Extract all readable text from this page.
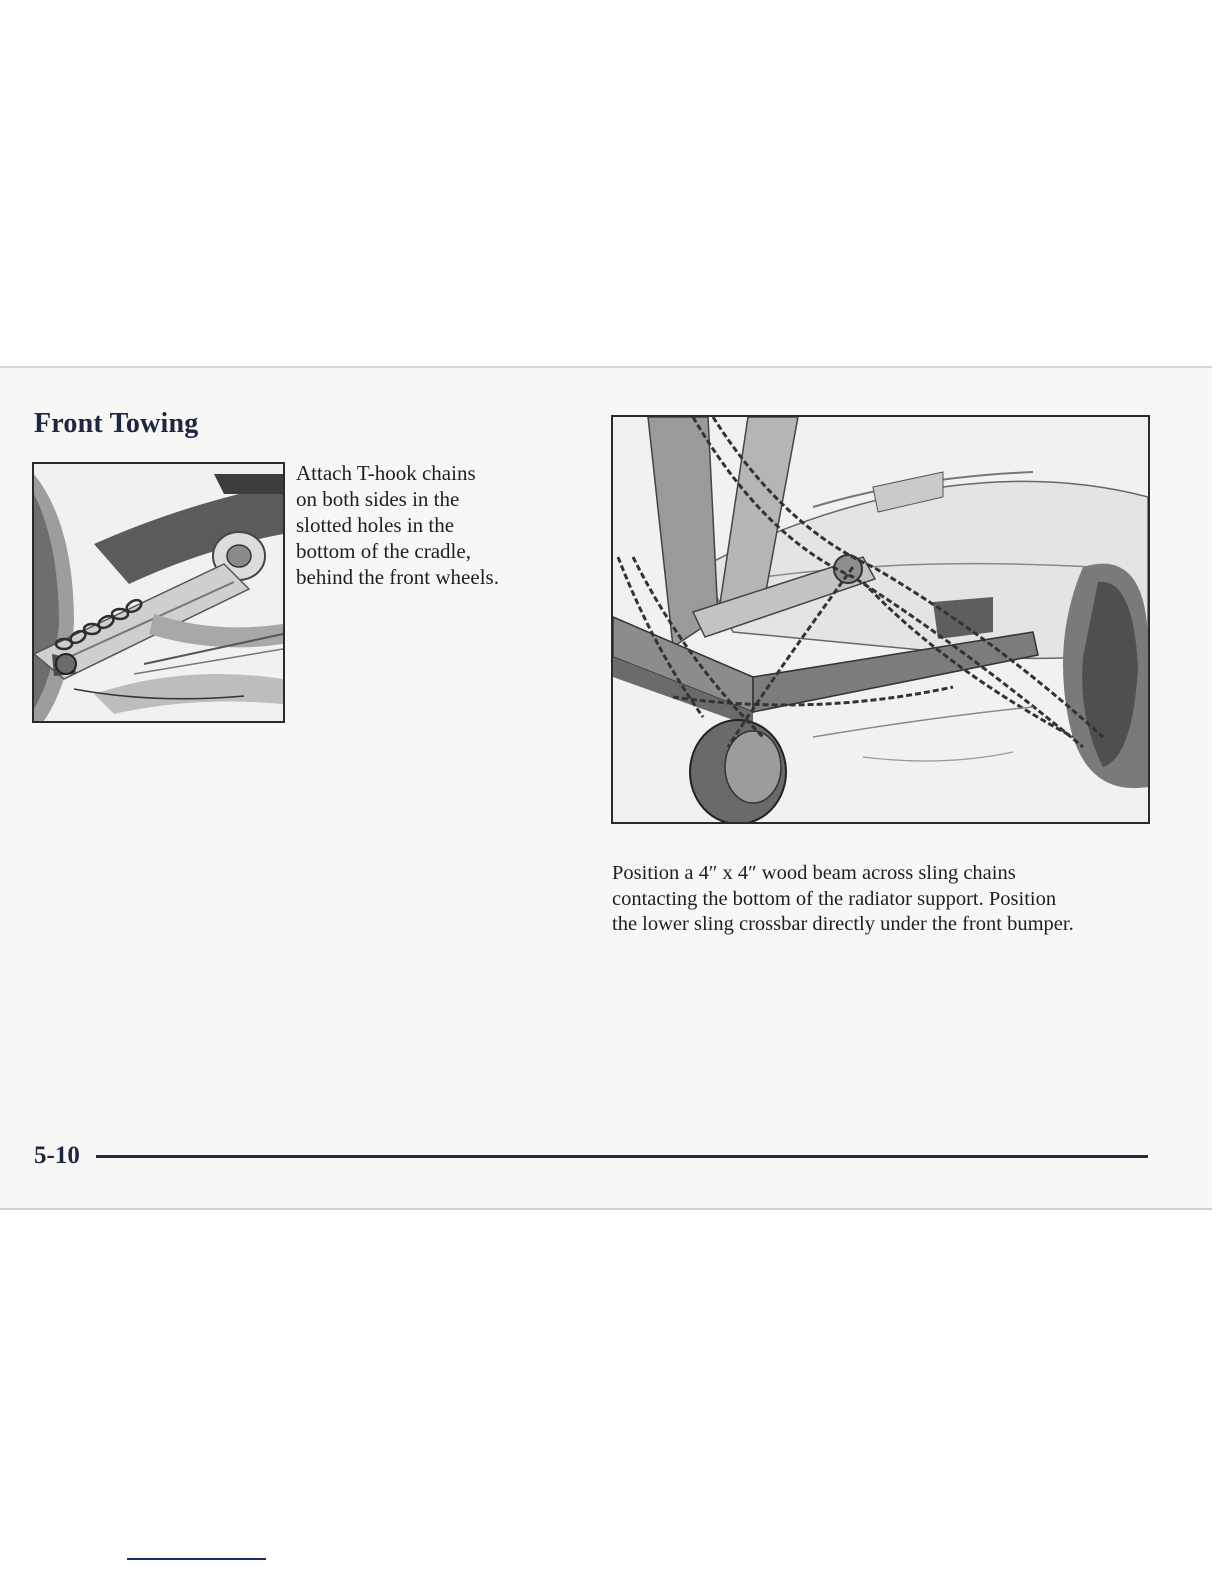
Front Towing

Attach T-hook chains
on both sides in the
slotted holes in the
bottom of the cradle,
behind the front wheels.

Position a 4″ x 4″ wood beam across sling chains
contacting the bottom of the radiator support. Position
the lower sling crossbar directly under the front bumper.

5-10
